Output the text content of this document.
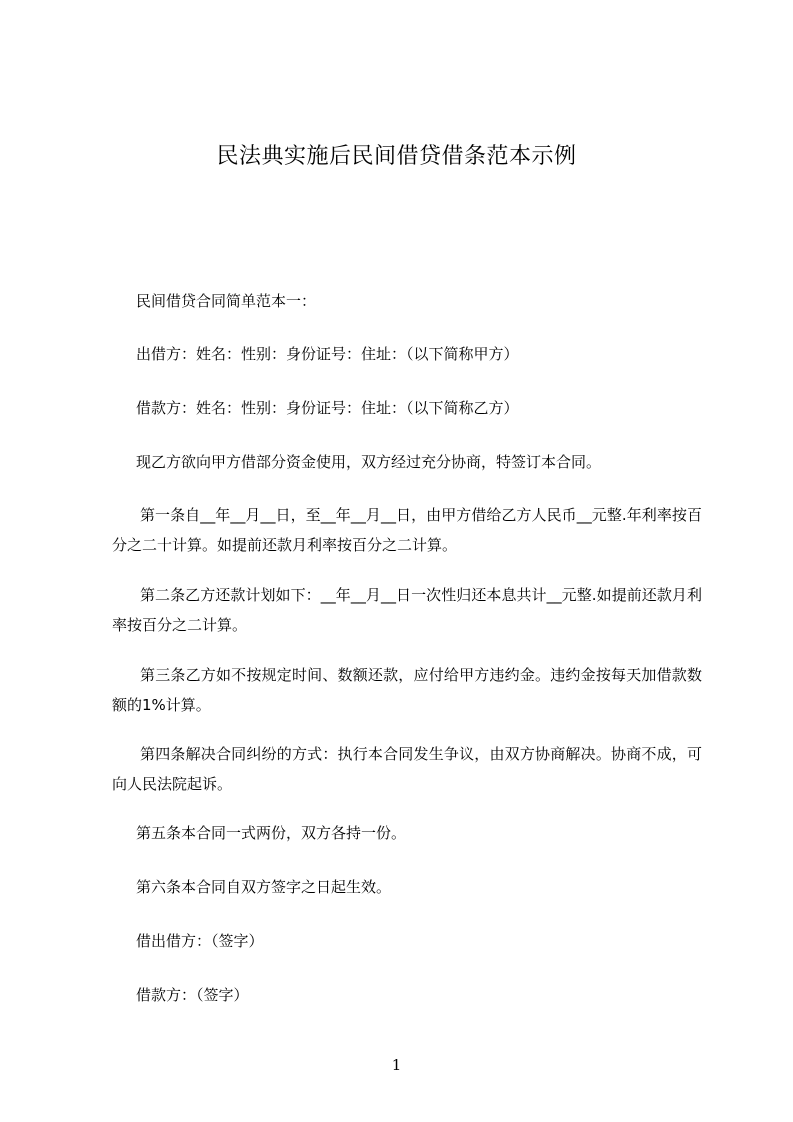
民法典实施后民间借贷借条范本示例

民间借贷合同简单范本一：

出借方：姓名：性别：身份证号：住址：（以下简称甲方）

借款方：姓名：性别：身份证号：住址：（以下简称乙方）

现乙方欲向甲方借部分资金使用，双方经过充分协商，特签订本合同。

第一条自__年__月__日，至__年__月__日，由甲方借给乙方人民币__元整.年利率按百分之二十计算。如提前还款月利率按百分之二计算。

第二条乙方还款计划如下：__年__月__日一次性归还本息共计__元整.如提前还款月利率按百分之二计算。

第三条乙方如不按规定时间、数额还款，应付给甲方违约金。违约金按每天加借款数额的1%计算。

第四条解决合同纠纷的方式：执行本合同发生争议，由双方协商解决。协商不成，可向人民法院起诉。

第五条本合同一式两份，双方各持一份。

第六条本合同自双方签字之日起生效。

借出借方：（签字）

借款方：（签字）

1
